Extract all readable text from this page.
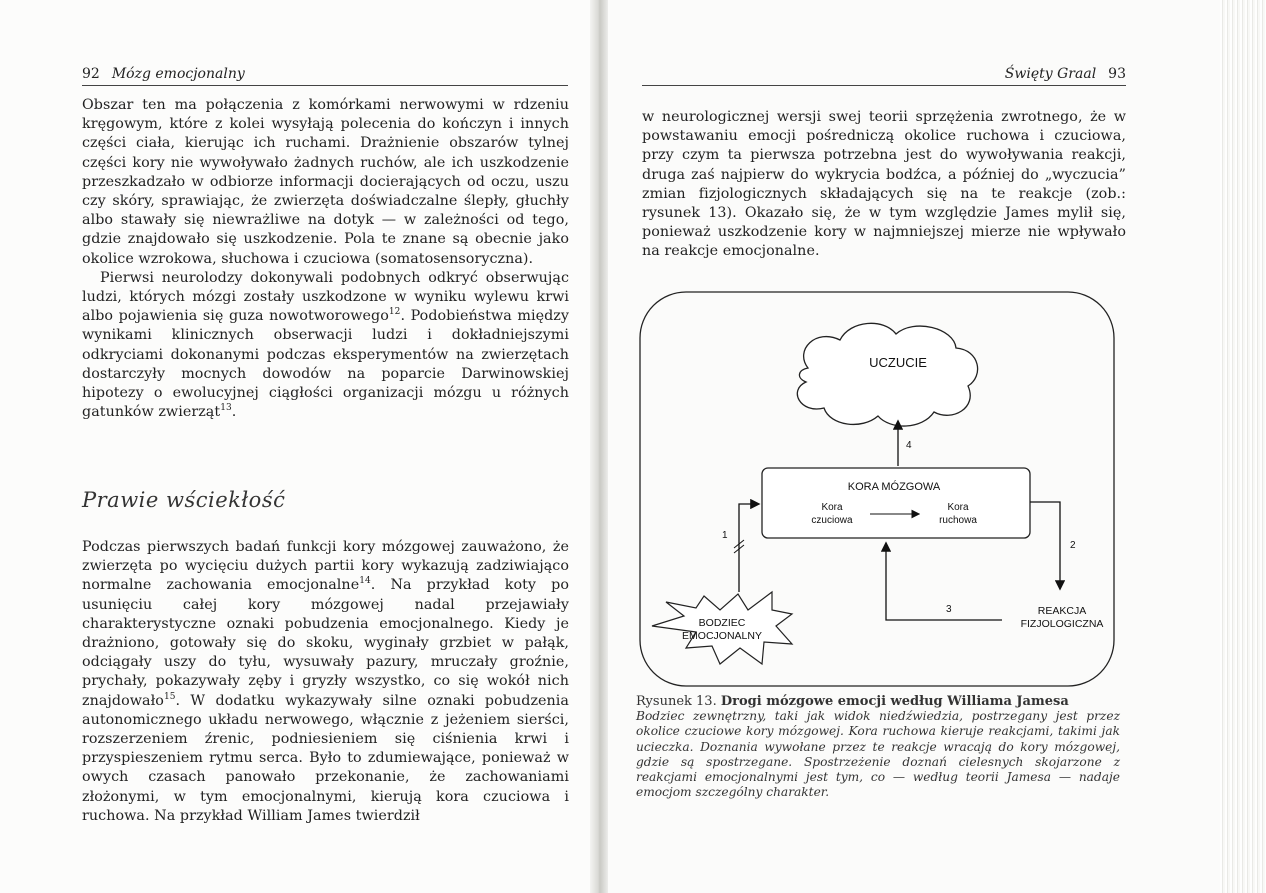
92 Mózg emocjonalny

Obszar ten ma połączenia z komórkami nerwowymi w rdzeniu kręgowym, które z kolei wysyłają polecenia do kończyn i innych części ciała, kierując ich ruchami. Drażnienie obszarów tylnej części kory nie wywoływało żadnych ruchów, ale ich uszkodzenie przeszkadzało w odbiorze informacji docierających od oczu, uszu czy skóry, sprawiając, że zwierzęta doświadczalne ślepły, głuchły albo stawały się niewrażliwe na dotyk — w zależności od tego, gdzie znajdowało się uszkodzenie. Pola te znane są obecnie jako okolice wzrokowa, słuchowa i czuciowa (somatosensoryczna).

Pierwsi neurolodzy dokonywali podobnych odkryć obserwując ludzi, których mózgi zostały uszkodzone w wyniku wylewu krwi albo pojawienia się guza nowotworowego$^{12}$. Podobieństwa między wynikami klinicznych obserwacji ludzi i dokładniejszymi odkryciami dokonanymi podczas eksperymentów na zwierzętach dostarczyły mocnych dowodów na poparcie Darwinowskiej hipotezy o ewolucyjnej ciągłości organizacji mózgu u różnych gatunków zwierząt$^{13}$.

Prawie wściekłość

Podczas pierwszych badań funkcji kory mózgowej zauważono, że zwierzęta po wycięciu dużych partii kory wykazują zadziwiająco normalne zachowania emocjonalne$^{14}$. Na przykład koty po usunięciu całej kory mózgowej nadal przejawiały charakterystyczne oznaki pobudzenia emocjonalnego. Kiedy je drażniono, gotowały się do skoku, wyginały grzbiet w pałąk, odciągały uszy do tyłu, wysuwały pazury, mruczały groźnie, prychały, pokazywały zęby i gryzły wszystko, co się wokół nich znajdowało$^{15}$. W dodatku wykazywały silne oznaki pobudzenia autonomicznego układu nerwowego, włącznie z jeżeniem sierści, rozszerzeniem źrenic, podniesieniem się ciśnienia krwi i przyspieszeniem rytmu serca. Było to zdumiewające, ponieważ w owych czasach panowało przekonanie, że zachowaniami złożonymi, w tym emocjonalnymi, kierują kora czuciowa i ruchowa. Na przykład William James twierdził

Święty Graal 93

w neurologicznej wersji swej teorii sprzężenia zwrotnego, że w powstawaniu emocji pośredniczą okolice ruchowa i czuciowa, przy czym ta pierwsza potrzebna jest do wywoływania reakcji, druga zaś najpierw do wykrycia bodźca, a później do „wyczucia” zmian fizjologicznych składających się na te reakcje (zob.: rysunek 13). Okazało się, że w tym względzie James mylił się, ponieważ uszkodzenie kory w najmniejszej mierze nie wpływało na reakcje emocjonalne.

UCZUCIE
4
KORA MÓZGOWA
Kora
czuciowa
Kora
ruchowa
1
2
3
BODZIEC
EMOCJONALNY
REAKCJA
FIZJOLOGICZNA
Rysunek 13. Drogi mózgowe emocji według Williama Jamesa
Bodziec zewnętrzny, taki jak widok niedźwiedzia, postrzegany jest przez okolice czuciowe kory mózgowej. Kora ruchowa kieruje reakcjami, takimi jak ucieczka. Doznania wywołane przez te reakcje wracają do kory mózgowej, gdzie są spostrzegane. Spostrzeżenie doznań cielesnych skojarzone z reakcjami emocjonalnymi jest tym, co — według teorii Jamesa — nadaje emocjom szczególny charakter.
